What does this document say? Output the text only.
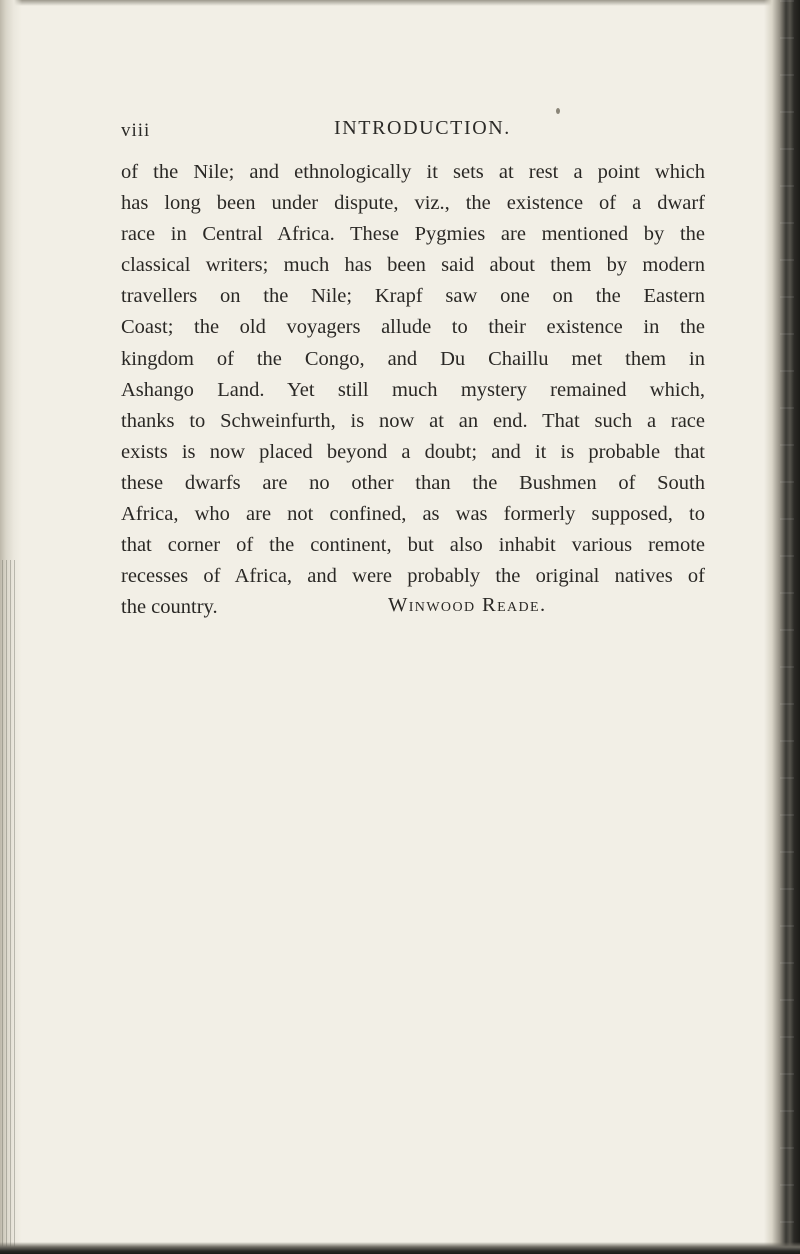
viii	INTRODUCTION.
of the Nile; and ethnologically it sets at rest a point which
has long been under dispute, viz., the existence of a dwarf
race in Central Africa. These Pygmies are mentioned by the
classical writers; much has been said about them by modern
travellers on the Nile; Krapf saw one on the Eastern
Coast; the old voyagers allude to their existence in the
kingdom of the Congo, and Du Chaillu met them in
Ashango Land. Yet still much mystery remained which,
thanks to Schweinfurth, is now at an end. That such a race
exists is now placed beyond a doubt; and it is probable that
these dwarfs are no other than the Bushmen of South
Africa, who are not confined, as was formerly supposed, to
that corner of the continent, but also inhabit various remote
recesses of Africa, and were probably the original natives of
the country.	Winwood Reade.
